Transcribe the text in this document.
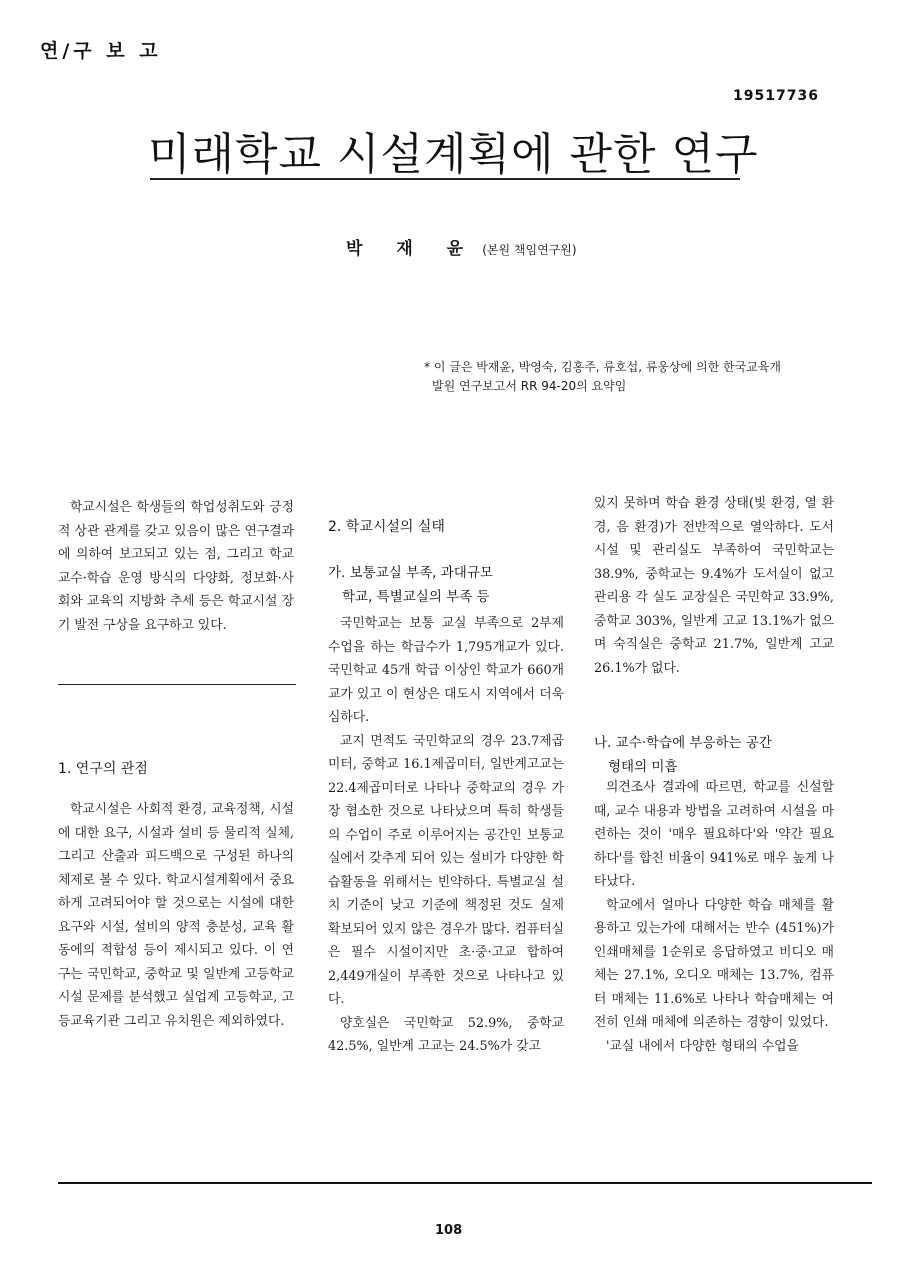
연/구 보 고
19517736
미래학교 시설계획에 관한 연구
박 재 윤 (본원 책임연구원)
* 이 글은 박재윤, 박영숙, 김홍주, 류호섭, 류웅상에 의한 한국교육개
발원 연구보고서 RR 94-20의 요약임

학교시설은 학생들의 학업성취도와 긍정적 상관 관계를 갖고 있음이 많은 연구결과에 의하여 보고되고 있는 점, 그리고 학교 교수·학습 운영 방식의 다양화, 정보화·사회와 교육의 지방화 추세 등은 학교시설 장기 발전 구상을 요구하고 있다.

1. 연구의 관점

학교시설은 사회적 환경, 교육정책, 시설에 대한 요구, 시설과 설비 등 물리적 실체, 그리고 산출과 피드백으로 구성된 하나의 체제로 볼 수 있다. 학교시설계획에서 중요하게 고려되어야 할 것으로는 시설에 대한 요구와 시설, 설비의 양적 충분성, 교육 활동에의 적합성 등이 제시되고 있다. 이 연구는 국민학교, 중학교 및 일반계 고등학교 시설 문제를 분석했고 실업계 고등학교, 고등교육기관 그리고 유치원은 제외하였다.

2. 학교시설의 실태
가. 보통교실 부족, 과대규모
학교, 특별교실의 부족 등

국민학교는 보통 교실 부족으로 2부제 수업을 하는 학급수가 1,795개교가 있다. 국민학교 45개 학급 이상인 학교가 660개교가 있고 이 현상은 대도시 지역에서 더욱 심하다.

교지 면적도 국민학교의 경우 23.7제곱미터, 중학교 16.1제곱미터, 일반계고교는 22.4제곱미터로 나타나 중학교의 경우 가장 협소한 것으로 나타났으며 특히 학생들의 수업이 주로 이루어지는 공간인 보통교실에서 갖추게 되어 있는 설비가 다양한 학습활동을 위해서는 빈약하다. 특별교실 설치 기준이 낮고 기준에 책정된 것도 실제 확보되어 있지 않은 경우가 많다. 컴퓨터실은 필수 시설이지만 초·중·고교 합하여 2,449개실이 부족한 것으로 나타나고 있다.

양호실은 국민학교 52.9%, 중학교 42.5%, 일반계 고교는 24.5%가 갖고

있지 못하며 학습 환경 상태(빛 환경, 열 환경, 음 환경)가 전반적으로 열악하다. 도서시설 및 관리실도 부족하여 국민학교는 38.9%, 중학교는 9.4%가 도서실이 없고 관리용 각 실도 교장실은 국민학교 33.9%, 중학교 303%, 일반계 고교 13.1%가 없으며 숙직실은 중학교 21.7%, 일반계 고교 26.1%가 없다.

나. 교수·학습에 부응하는 공간
형태의 미흡

의견조사 결과에 따르면, 학교를 신설할 때, 교수 내용과 방법을 고려하여 시설을 마련하는 것이 '매우 필요하다'와 '약간 필요하다'를 합친 비율이 941%로 매우 높게 나타났다.

학교에서 얼마나 다양한 학습 매체를 활용하고 있는가에 대해서는 반수 (451%)가 인쇄매체를 1순위로 응답하였고 비디오 매체는 27.1%, 오디오 매체는 13.7%, 컴퓨터 매체는 11.6%로 나타나 학습매체는 여전히 인쇄 매체에 의존하는 경향이 있었다.

'교실 내에서 다양한 형태의 수업을

108
